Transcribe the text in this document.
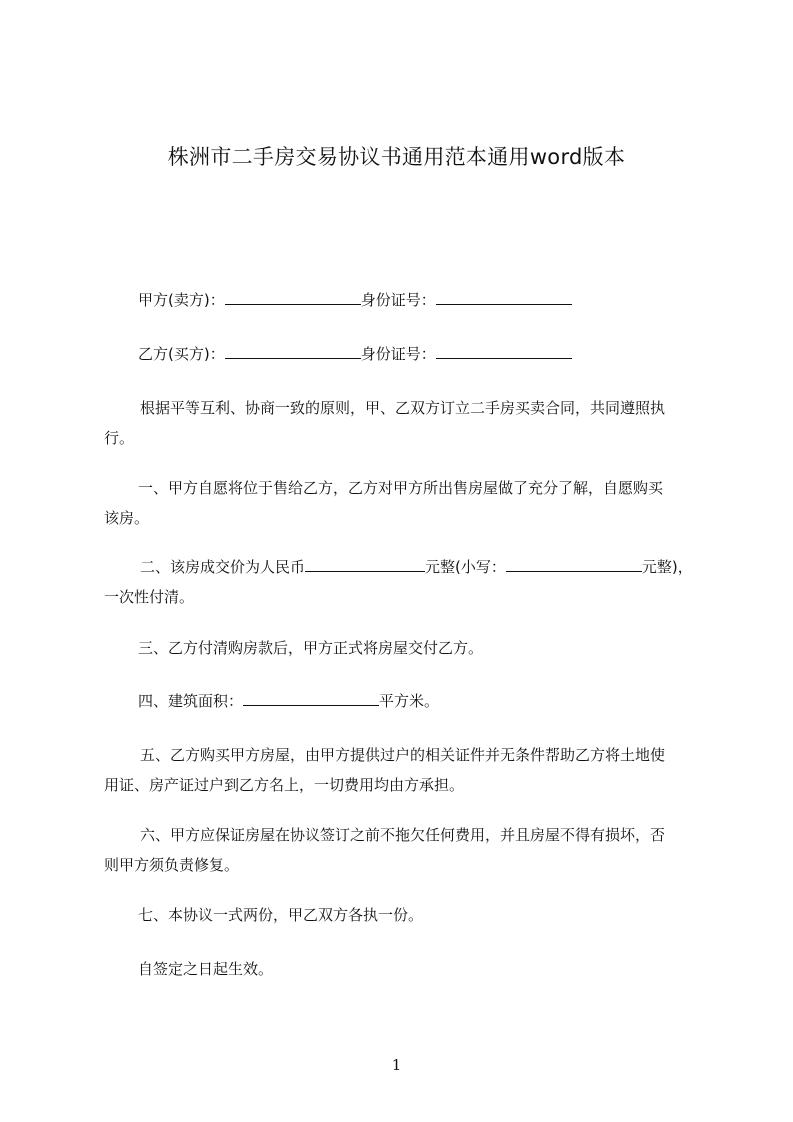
株洲市二手房交易协议书通用范本通用word版本
甲方(卖方)：	身份证号：
乙方(买方)：	身份证号：
根据平等互利、协商一致的原则，甲、乙双方订立二手房买卖合同，共同遵照执
行。
一、甲方自愿将位于售给乙方，乙方对甲方所出售房屋做了充分了解，自愿购买
该房。
二、该房成交价为人民币	元整(小写：	元整)，
一次性付清。
三、乙方付清购房款后，甲方正式将房屋交付乙方。
四、建筑面积：	平方米。
五、乙方购买甲方房屋，由甲方提供过户的相关证件并无条件帮助乙方将土地使
用证、房产证过户到乙方名上，一切费用均由方承担。
六、甲方应保证房屋在协议签订之前不拖欠任何费用，并且房屋不得有损坏，否
则甲方须负责修复。
七、本协议一式两份，甲乙双方各执一份。
自签定之日起生效。
1
